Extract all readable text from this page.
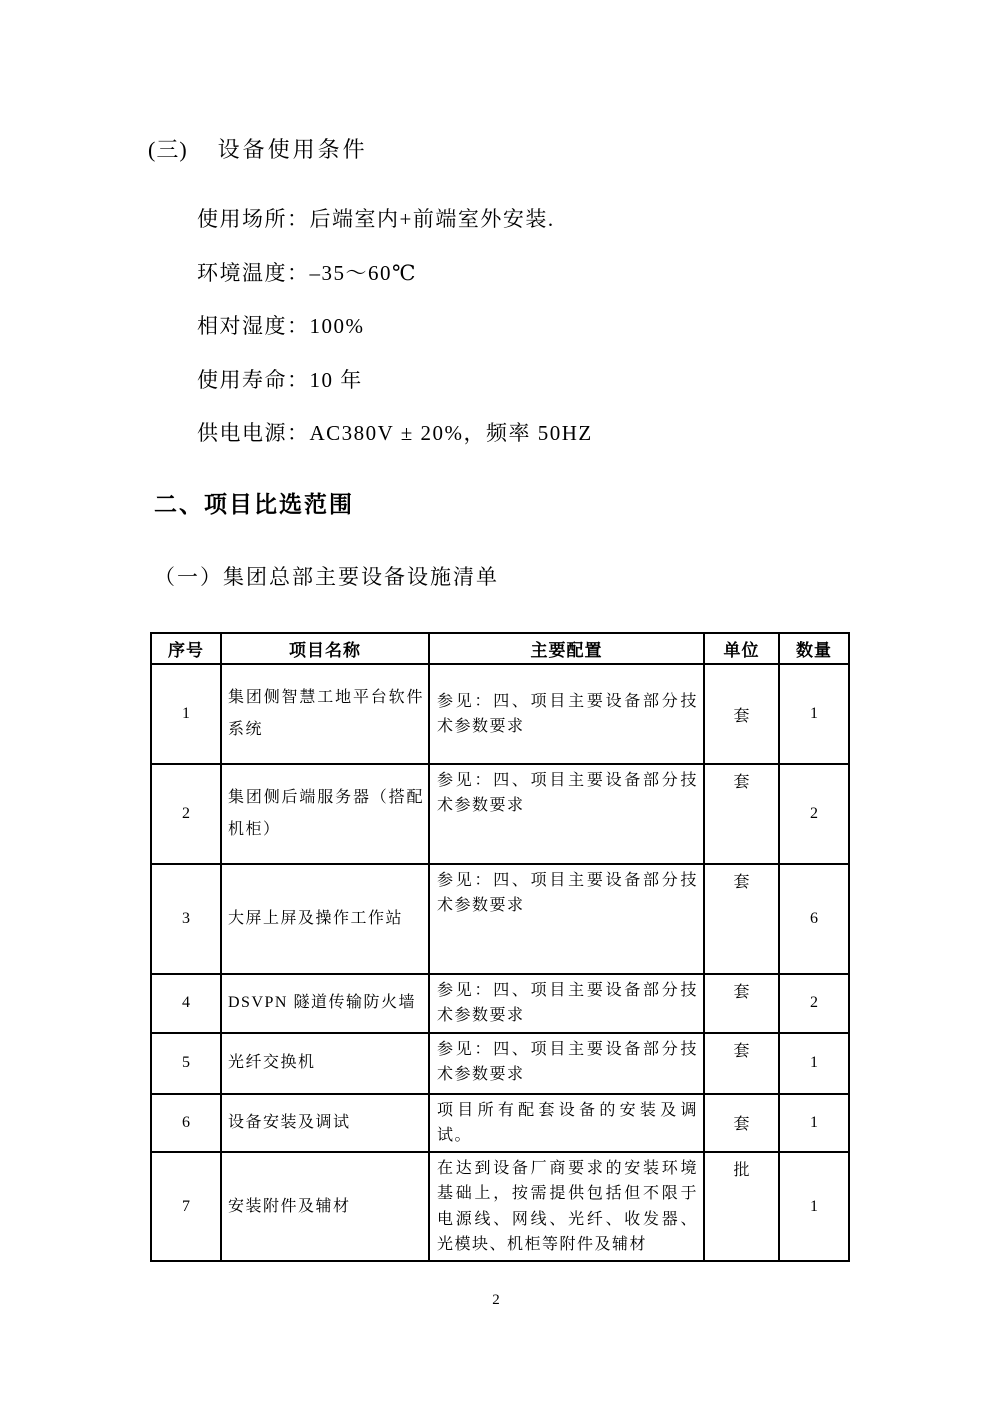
(三) 设备使用条件
使用场所：后端室内+前端室外安装.
环境温度：–35～60℃
相对湿度：100%
使用寿命：10 年
供电电源：AC380V ± 20%，频率 50HZ
二、项目比选范围
（一）集团总部主要设备设施清单
序号	项目名称	主要配置	单位	数量
1	集团侧智慧工地平台软件系统	参见：四、项目主要设备部分技术参数要求	套	1
2	集团侧后端服务器（搭配机柜）	参见：四、项目主要设备部分技术参数要求	套	2
3	大屏上屏及操作工作站	参见：四、项目主要设备部分技术参数要求	套	6
4	DSVPN 隧道传输防火墙	参见：四、项目主要设备部分技术参数要求	套	2
5	光纤交换机	参见：四、项目主要设备部分技术参数要求	套	1
6	设备安装及调试	项目所有配套设备的安装及调试。	套	1
7	安装附件及辅材	在达到设备厂商要求的安装环境基础上，按需提供包括但不限于电源线、网线、光纤、收发器、光模块、机柜等附件及辅材	批	1
2
